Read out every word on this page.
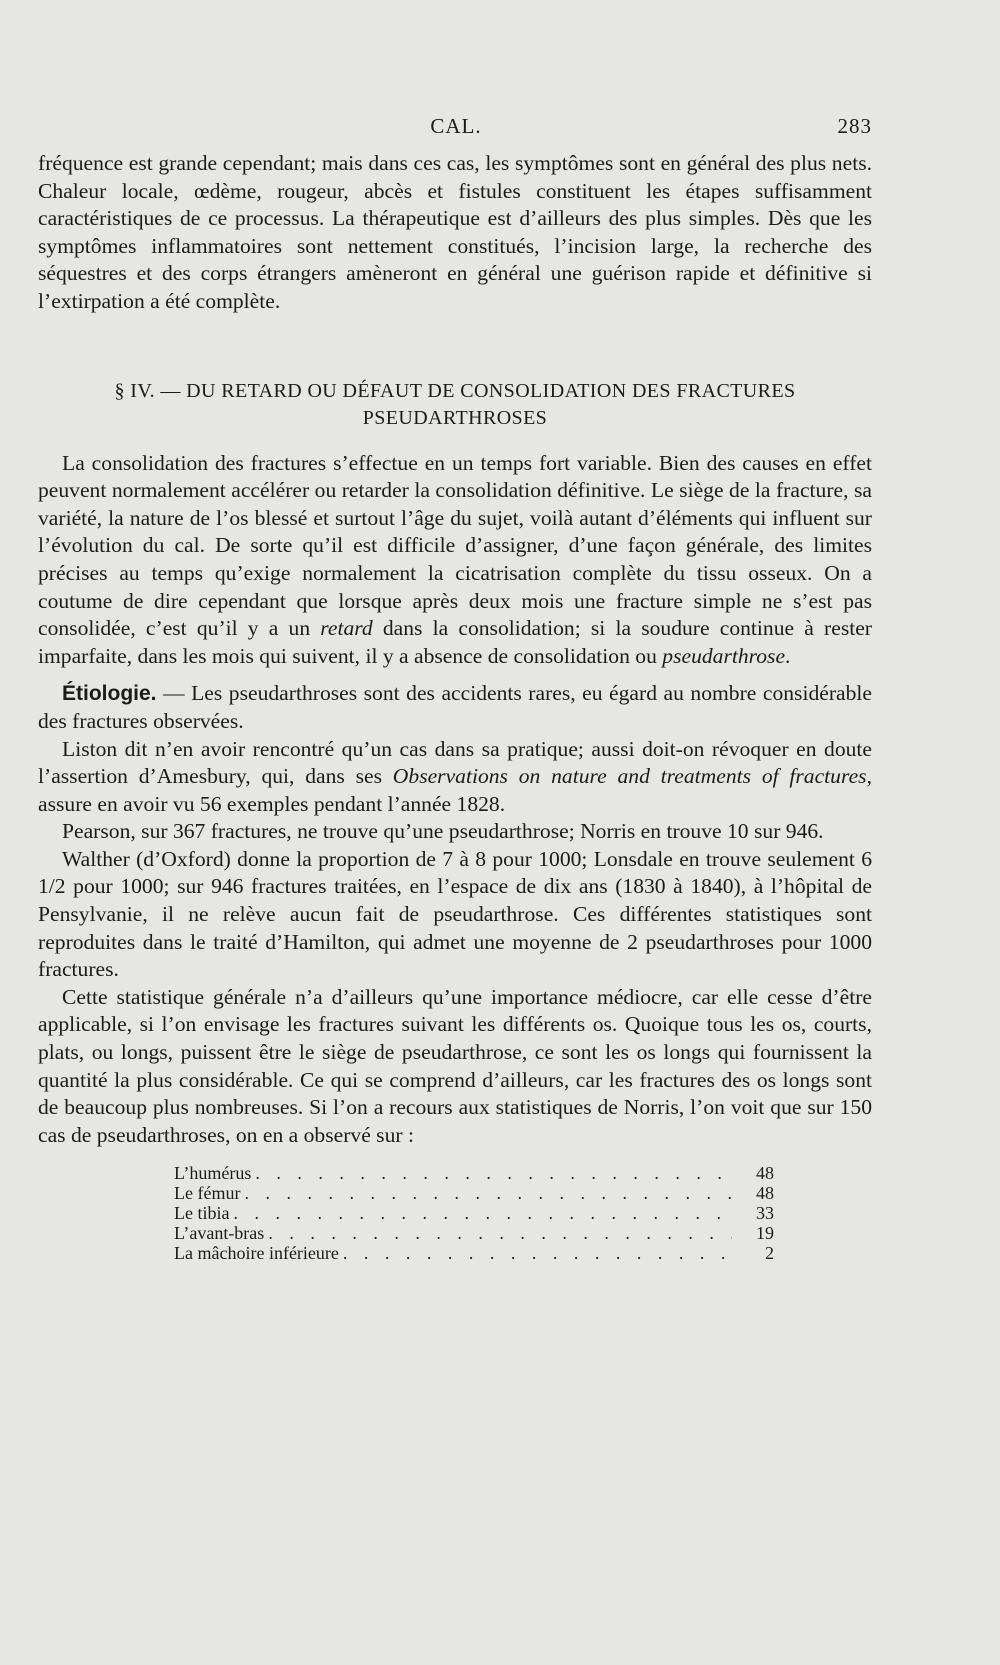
CAL.	283

fréquence est grande cependant; mais dans ces cas, les symptômes sont en général des plus nets. Chaleur locale, œdème, rougeur, abcès et fistules constituent les étapes suffisamment caractéristiques de ce processus. La thérapeutique est d’ailleurs des plus simples. Dès que les symptômes inflammatoires sont nettement constitués, l’incision large, la recherche des séquestres et des corps étrangers amèneront en général une guérison rapide et définitive si l’extirpation a été complète.

§ IV. — DU RETARD OU DÉFAUT DE CONSOLIDATION DES FRACTURES
PSEUDARTHROSES

La consolidation des fractures s’effectue en un temps fort variable. Bien des causes en effet peuvent normalement accélérer ou retarder la consolidation définitive. Le siège de la fracture, sa variété, la nature de l’os blessé et surtout l’âge du sujet, voilà autant d’éléments qui influent sur l’évolution du cal. De sorte qu’il est difficile d’assigner, d’une façon générale, des limites précises au temps qu’exige normalement la cicatrisation complète du tissu osseux. On a coutume de dire cependant que lorsque après deux mois une fracture simple ne s’est pas consolidée, c’est qu’il y a un retard dans la consolidation; si la soudure continue à rester imparfaite, dans les mois qui suivent, il y a absence de consolidation ou pseudarthrose.

Étiologie. — Les pseudarthroses sont des accidents rares, eu égard au nombre considérable des fractures observées.

Liston dit n’en avoir rencontré qu’un cas dans sa pratique; aussi doit-on révoquer en doute l’assertion d’Amesbury, qui, dans ses Observations on nature and treatments of fractures, assure en avoir vu 56 exemples pendant l’année 1828.

Pearson, sur 367 fractures, ne trouve qu’une pseudarthrose; Norris en trouve 10 sur 946.

Walther (d’Oxford) donne la proportion de 7 à 8 pour 1000; Lonsdale en trouve seulement 6 1/2 pour 1000; sur 946 fractures traitées, en l’espace de dix ans (1830 à 1840), à l’hôpital de Pensylvanie, il ne relève aucun fait de pseudarthrose. Ces différentes statistiques sont reproduites dans le traité d’Hamilton, qui admet une moyenne de 2 pseudarthroses pour 1000 fractures.

Cette statistique générale n’a d’ailleurs qu’une importance médiocre, car elle cesse d’être applicable, si l’on envisage les fractures suivant les différents os. Quoique tous les os, courts, plats, ou longs, puissent être le siège de pseudarthrose, ce sont les os longs qui fournissent la quantité la plus considérable. Ce qui se comprend d’ailleurs, car les fractures des os longs sont de beaucoup plus nombreuses. Si l’on a recours aux statistiques de Norris, l’on voit que sur 150 cas de pseudarthroses, on en a observé sur :

L’humérus . . .	48
Le fémur . . .	48
Le tibia . . .	33
L’avant-bras . . .	19
La mâchoire inférieure . . .	2
